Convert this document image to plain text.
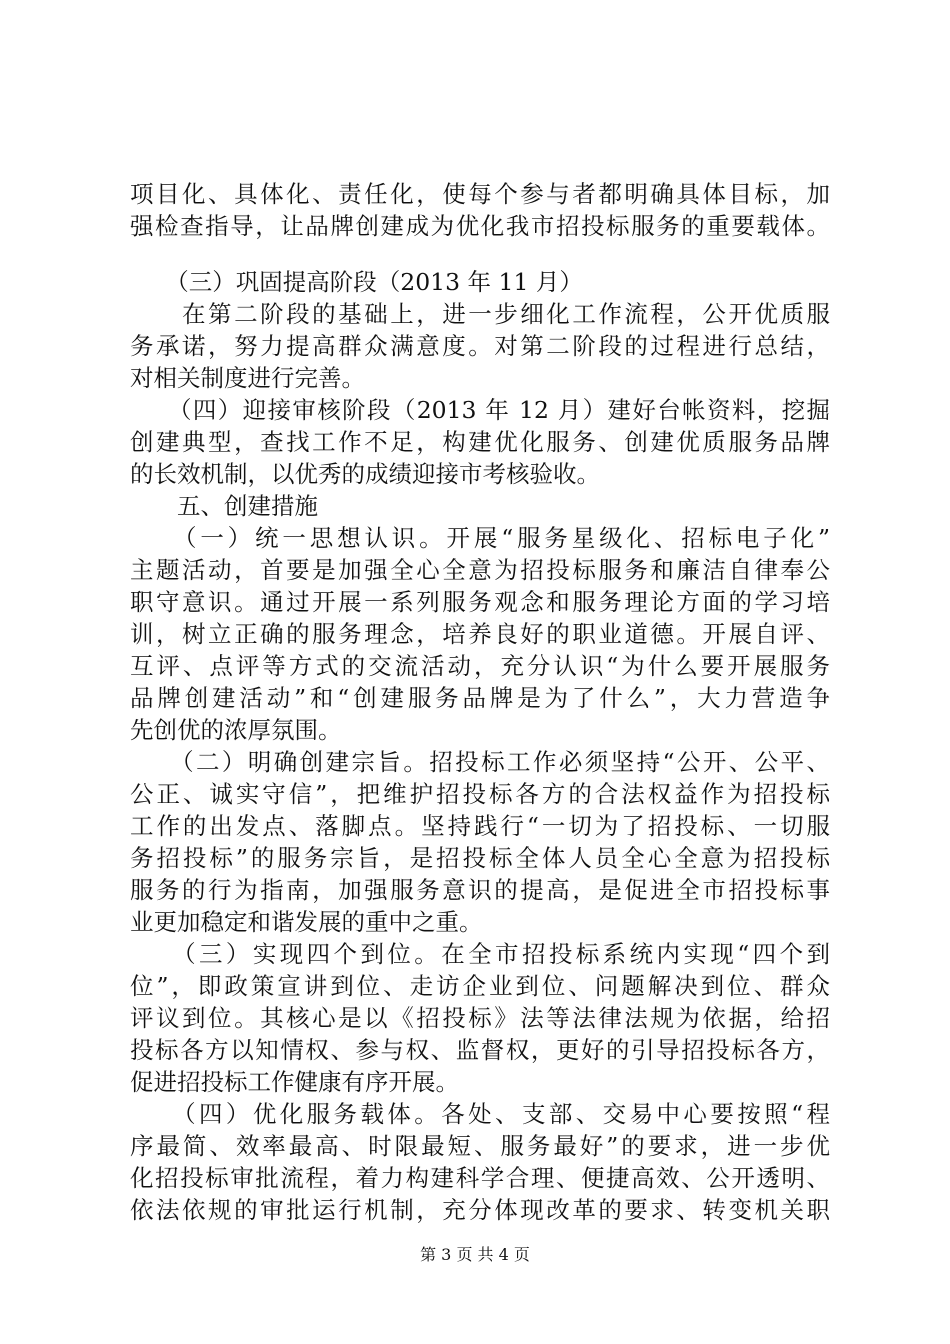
项目化、具体化、责任化，使每个参与者都明确具体目标，加
强检查指导，让品牌创建成为优化我市招投标服务的重要载体。
　　（三）巩固提高阶段（2013 年 11 月）
　　在第二阶段的基础上，进一步细化工作流程，公开优质服
务承诺，努力提高群众满意度。对第二阶段的过程进行总结，
对相关制度进行完善。
　　（四）迎接审核阶段（2013 年 12 月）建好台帐资料，挖掘
创建典型，查找工作不足，构建优化服务、创建优质服务品牌
的长效机制，以优秀的成绩迎接市考核验收。
　　五、创建措施
　　（一）统一思想认识。开展“服务星级化、招标电子化”
主题活动，首要是加强全心全意为招投标服务和廉洁自律奉公
职守意识。通过开展一系列服务观念和服务理论方面的学习培
训，树立正确的服务理念，培养良好的职业道德。开展自评、
互评、点评等方式的交流活动，充分认识“为什么要开展服务
品牌创建活动”和“创建服务品牌是为了什么”，大力营造争
先创优的浓厚氛围。
　　（二）明确创建宗旨。招投标工作必须坚持“公开、公平、
公正、诚实守信”，把维护招投标各方的合法权益作为招投标
工作的出发点、落脚点。坚持践行“一切为了招投标、一切服
务招投标”的服务宗旨，是招投标全体人员全心全意为招投标
服务的行为指南，加强服务意识的提高，是促进全市招投标事
业更加稳定和谐发展的重中之重。
　　（三）实现四个到位。在全市招投标系统内实现“四个到
位”，即政策宣讲到位、走访企业到位、问题解决到位、群众
评议到位。其核心是以《招投标》法等法律法规为依据，给招
投标各方以知情权、参与权、监督权，更好的引导招投标各方，
促进招投标工作健康有序开展。
　　（四）优化服务载体。各处、支部、交易中心要按照“程
序最简、效率最高、时限最短、服务最好”的要求，进一步优
化招投标审批流程，着力构建科学合理、便捷高效、公开透明、
依法依规的审批运行机制，充分体现改革的要求、转变机关职
第 3 页 共 4 页
